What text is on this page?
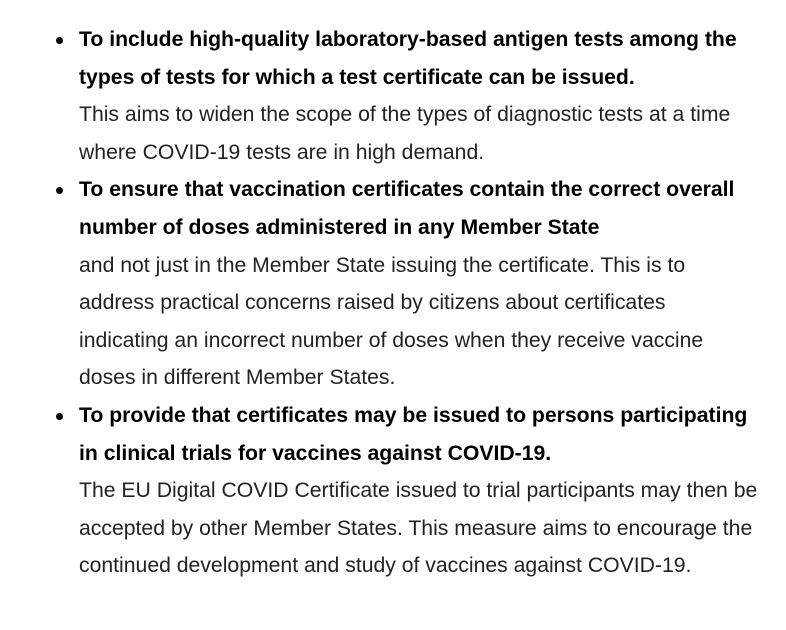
To include high-quality laboratory-based antigen tests among the types of tests for which a test certificate can be issued.
This aims to widen the scope of the types of diagnostic tests at a time where COVID-19 tests are in high demand.
To ensure that vaccination certificates contain the correct overall number of doses administered in any Member State
and not just in the Member State issuing the certificate. This is to address practical concerns raised by citizens about certificates indicating an incorrect number of doses when they receive vaccine doses in different Member States.
To provide that certificates may be issued to persons participating in clinical trials for vaccines against COVID-19.
The EU Digital COVID Certificate issued to trial participants may then be accepted by other Member States. This measure aims to encourage the continued development and study of vaccines against COVID-19.
